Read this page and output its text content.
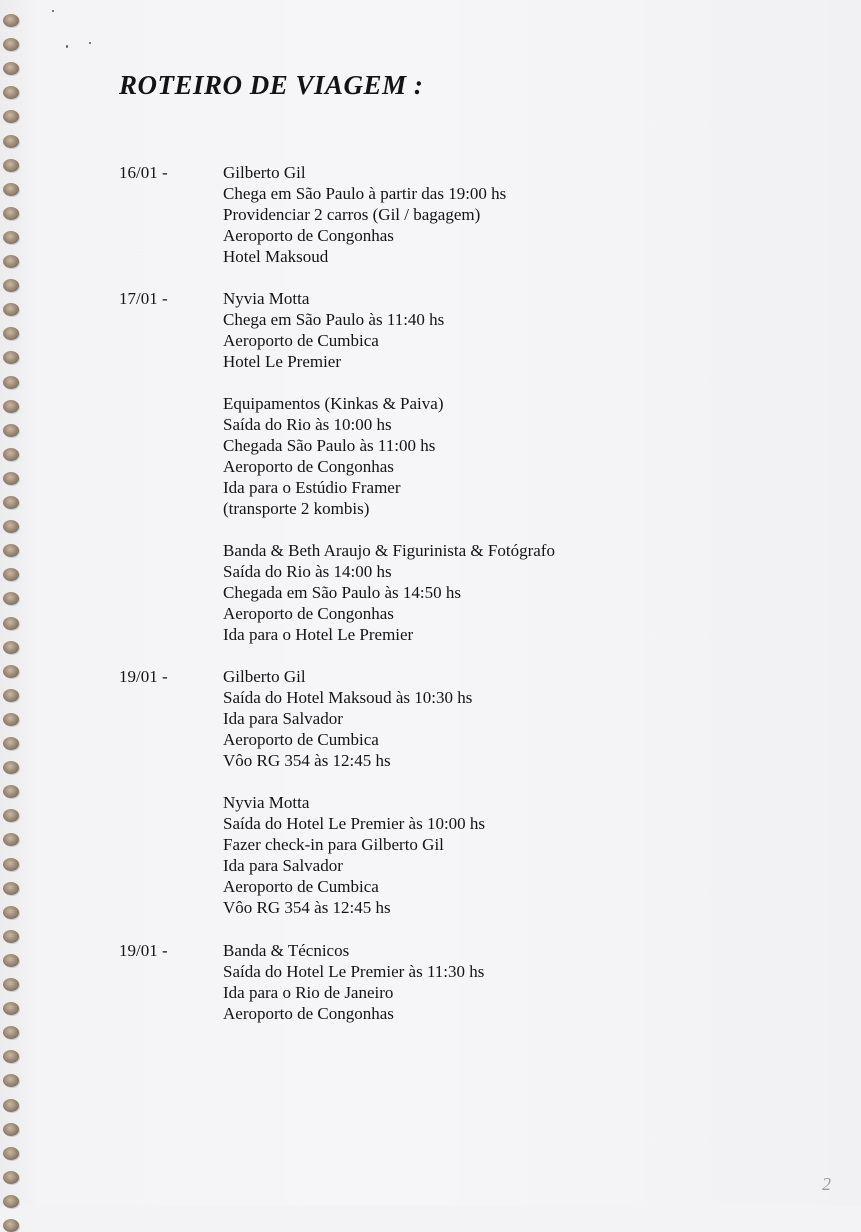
ROTEIRO DE VIAGEM :
16/01 -	Gilberto Gil
Chega em São Paulo à partir das 19:00 hs
Providenciar 2 carros (Gil / bagagem)
Aeroporto de Congonhas
Hotel Maksoud
17/01 -	Nyvia Motta
Chega em São Paulo às 11:40 hs
Aeroporto de Cumbica
Hotel Le Premier
Equipamentos (Kinkas & Paiva)
Saída do Rio às 10:00 hs
Chegada São Paulo às 11:00 hs
Aeroporto de Congonhas
Ida para o Estúdio Framer
(transporte 2 kombis)
Banda & Beth Araujo & Figurinista & Fotógrafo
Saída do Rio às 14:00 hs
Chegada em São Paulo às 14:50 hs
Aeroporto de Congonhas
Ida para o Hotel Le Premier
19/01 -	Gilberto Gil
Saída do Hotel Maksoud às 10:30 hs
Ida para Salvador
Aeroporto de Cumbica
Vôo RG 354 às 12:45 hs
Nyvia Motta
Saída do Hotel Le Premier às 10:00 hs
Fazer check-in para Gilberto Gil
Ida para Salvador
Aeroporto de Cumbica
Vôo RG 354 às 12:45 hs
19/01 -	Banda & Técnicos
Saída do Hotel Le Premier às 11:30 hs
Ida para o Rio de Janeiro
Aeroporto de Congonhas
2
